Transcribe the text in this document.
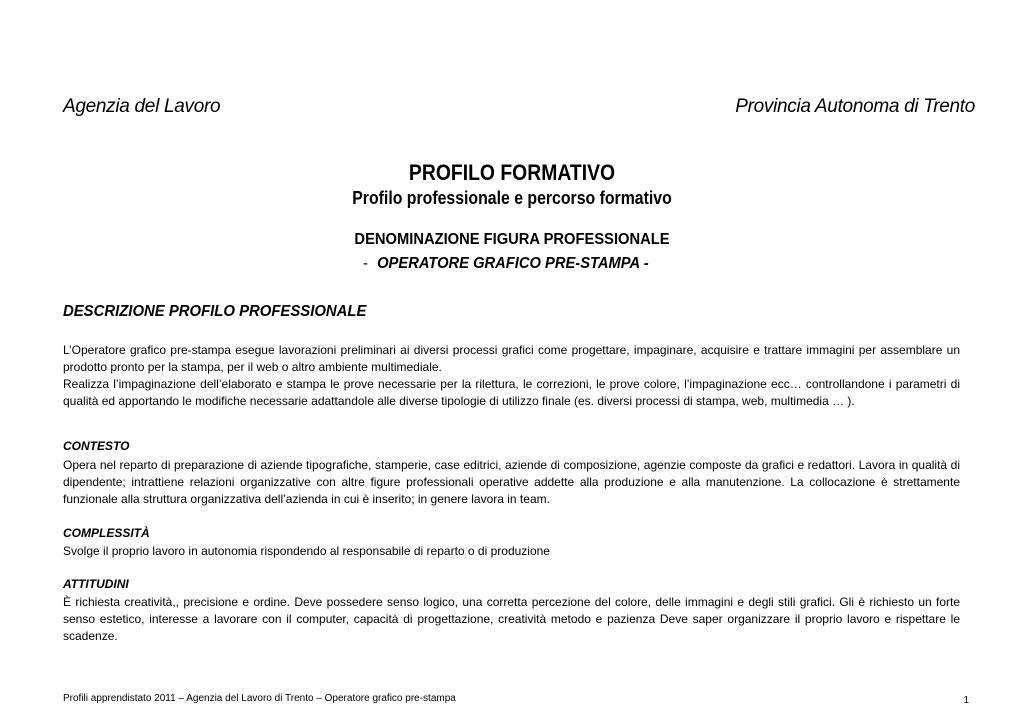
Agenzia del Lavoro	Provincia Autonoma di Trento
PROFILO FORMATIVO
Profilo professionale e percorso formativo
DENOMINAZIONE FIGURA PROFESSIONALE
- OPERATORE GRAFICO PRE-STAMPA -
DESCRIZIONE PROFILO PROFESSIONALE
L’Operatore grafico pre-stampa esegue lavorazioni preliminari ai diversi processi grafici come progettare, impaginare, acquisire e trattare immagini per assemblare un prodotto pronto per la stampa, per il web o altro ambiente multimediale.
Realizza l’impaginazione dell’elaborato e stampa le prove necessarie per la rilettura, le correzioni, le prove colore, l’impaginazione ecc… controllandone i parametri di qualità ed apportando le modifiche necessarie adattandole alle diverse tipologie di utilizzo finale (es. diversi processi di stampa, web, multimedia … ).
CONTESTO
Opera nel reparto di preparazione di aziende tipografiche, stamperie, case editrici, aziende di composizione, agenzie composte da grafici e redattori. Lavora in qualità di dipendente; intrattiene relazioni organizzative con altre figure professionali operative addette alla produzione e alla manutenzione. La collocazione è strettamente funzionale alla struttura organizzativa dell’azienda in cui è inserito; in genere lavora in team.
COMPLESSITÀ
Svolge il proprio lavoro in autonomia rispondendo al responsabile di reparto o di produzione
ATTITUDINI
È richiesta creatività,, precisione e ordine. Deve possedere senso logico, una corretta percezione del colore, delle immagini e degli stili grafici. Gli è richiesto un forte senso estetico, interesse a lavorare con il computer, capacità di progettazione, creatività metodo e pazienza Deve saper organizzare il proprio lavoro e rispettare le scadenze.
Profili apprendistato 2011 – Agenzia del Lavoro di Trento – Operatore grafico pre-stampa	1
